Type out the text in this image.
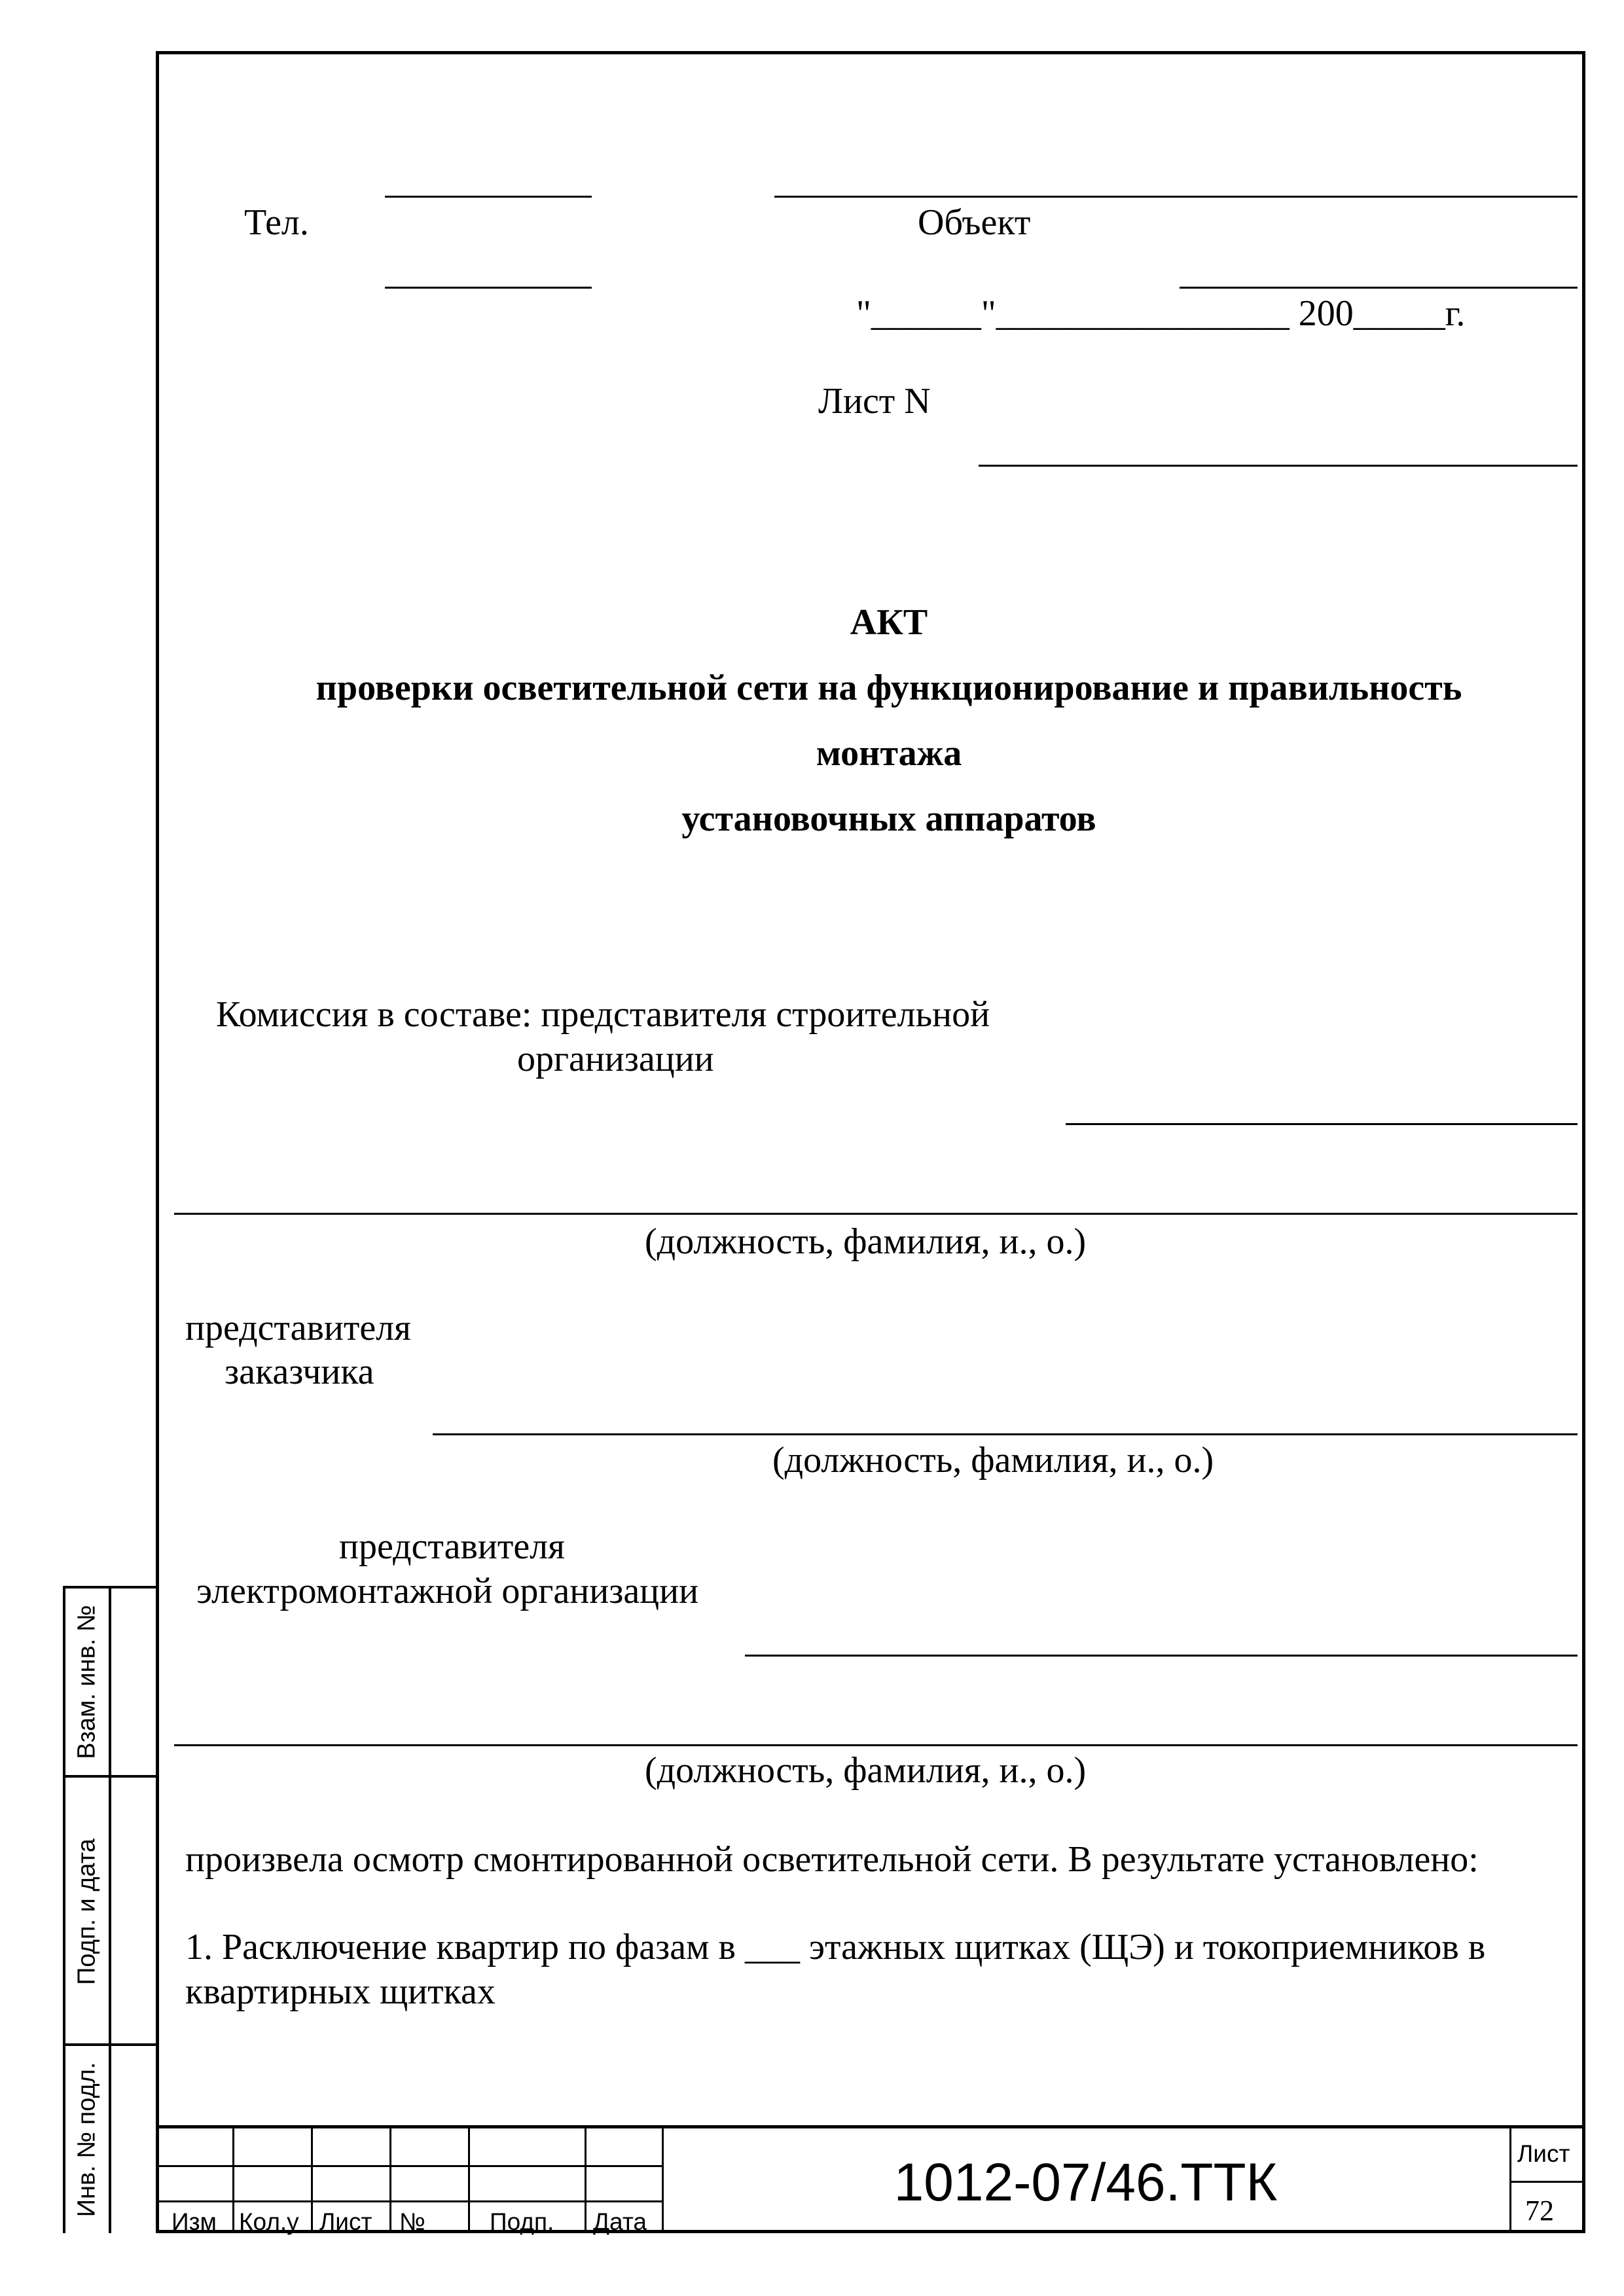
Тел.	Объект
"______"________________ 200_____г.
Лист N
АКТ
проверки осветительной сети на функционирование и правильность
монтажа
установочных аппаратов
Комиссия в составе: представителя строительной
организации
(должность, фамилия, и., о.)
представителя
заказчика
(должность, фамилия, и., о.)
представителя
электромонтажной организации
(должность, фамилия, и., о.)
произвела осмотр смонтированной осветительной сети. В результате установлено:
1. Расключение квартир по фазам в ___ этажных щитках (ЩЭ) и токоприемников в
квартирных щитках
Взам. инв. №
Подп. и дата
Инв. № подл.
Изм Кол.у Лист №	Подп. Дата
1012-07/46.ТТК	Лист
72
